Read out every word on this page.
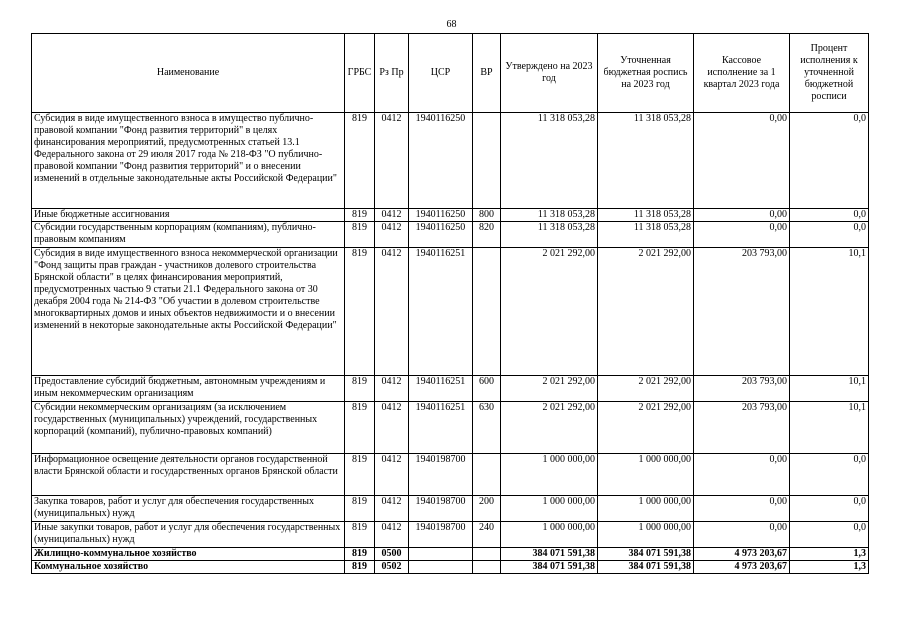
68
Наименование	ГРБС	Рз Пр	ЦСР	ВР	Утверждено на 2023 год	Уточненная бюджетная роспись на 2023 год	Кассовое исполнение за 1 квартал 2023 года	Процент исполнения к уточненной бюджетной росписи
Субсидия в виде имущественного взноса в имущество публично-правовой компании "Фонд развития территорий" в целях финансирования мероприятий, предусмотренных статьей 13.1 Федерального закона от 29 июля 2017 года № 218-ФЗ "О публично-правовой компании "Фонд развития территорий" и о внесении изменений в отдельные законодательные акты Российской Федерации"	819	0412	1940116250		11 318 053,28	11 318 053,28	0,00	0,0
Иные бюджетные ассигнования	819	0412	1940116250	800	11 318 053,28	11 318 053,28	0,00	0,0
Субсидии государственным корпорациям (компаниям), публично-правовым компаниям	819	0412	1940116250	820	11 318 053,28	11 318 053,28	0,00	0,0
Субсидия в виде имущественного взноса некоммерческой организации "Фонд защиты прав граждан - участников долевого строительства Брянской области" в целях финансирования мероприятий, предусмотренных частью 9 статьи 21.1 Федерального закона от 30 декабря 2004 года № 214-ФЗ "Об участии в долевом строительстве многоквартирных домов и иных объектов недвижимости и о внесении изменений в некоторые законодательные акты Российской Федерации"	819	0412	1940116251		2 021 292,00	2 021 292,00	203 793,00	10,1
Предоставление субсидий бюджетным, автономным учреждениям и иным некоммерческим организациям	819	0412	1940116251	600	2 021 292,00	2 021 292,00	203 793,00	10,1
Субсидии некоммерческим организациям (за исключением государственных (муниципальных) учреждений, государственных корпораций (компаний), публично-правовых компаний)	819	0412	1940116251	630	2 021 292,00	2 021 292,00	203 793,00	10,1
Информационное освещение деятельности органов государственной власти Брянской области и государственных органов Брянской области	819	0412	1940198700		1 000 000,00	1 000 000,00	0,00	0,0
Закупка товаров, работ и услуг для обеспечения государственных (муниципальных) нужд	819	0412	1940198700	200	1 000 000,00	1 000 000,00	0,00	0,0
Иные закупки товаров, работ и услуг для обеспечения государственных (муниципальных) нужд	819	0412	1940198700	240	1 000 000,00	1 000 000,00	0,00	0,0
Жилищно-коммунальное хозяйство	819	0500			384 071 591,38	384 071 591,38	4 973 203,67	1,3
Коммунальное хозяйство	819	0502			384 071 591,38	384 071 591,38	4 973 203,67	1,3
